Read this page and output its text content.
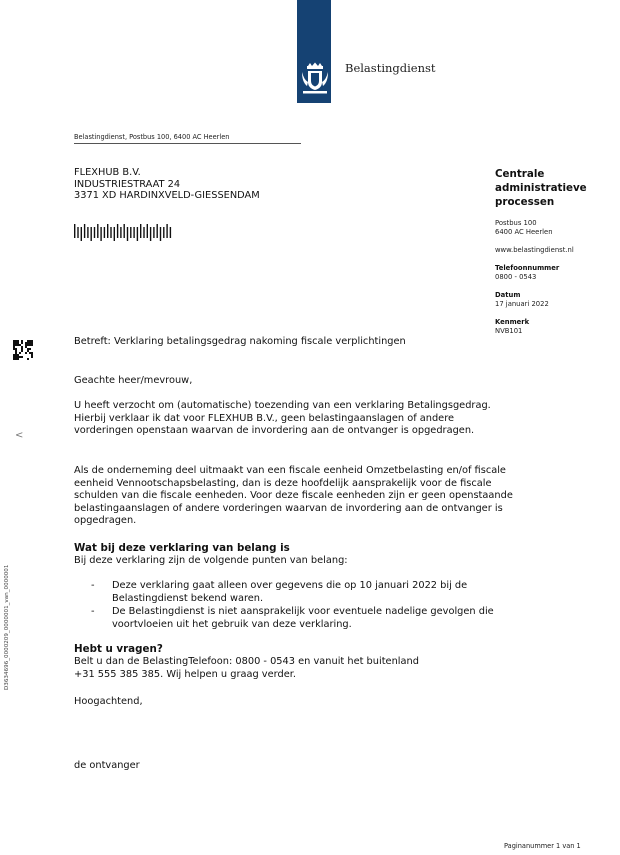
Belastingdienst
Belastingdienst, Postbus 100, 6400 AC Heerlen
FLEXHUB B.V.
INDUSTRIESTRAAT 24
3371 XD HARDINXVELD-GIESSENDAM
<
D3634696_0000209_0000001_van_0000001
Centrale
administratieve
processen
Postbus 100
6400 AC Heerlen
www.belastingdienst.nl
Telefoonnummer
0800 - 0543
Datum
17 januari 2022
Kenmerk
NVB101
Betreft: Verklaring betalingsgedrag nakoming fiscale verplichtingen
Geachte heer/mevrouw,

U heeft verzocht om (automatische) toezending van een verklaring Betalingsgedrag. Hierbij verklaar ik dat voor FLEXHUB B.V., geen belastingaanslagen of andere vorderingen openstaan waarvan de invordering aan de ontvanger is opgedragen.

Als de onderneming deel uitmaakt van een fiscale eenheid Omzetbelasting en/of fiscale eenheid Vennootschapsbelasting, dan is deze hoofdelijk aansprakelijk voor de fiscale schulden van die fiscale eenheden. Voor deze fiscale eenheden zijn er geen openstaande belastingaanslagen of andere vorderingen waarvan de invordering aan de ontvanger is opgedragen.

Wat bij deze verklaring van belang is
Bij deze verklaring zijn de volgende punten van belang:
- Deze verklaring gaat alleen over gegevens die op 10 januari 2022 bij de Belastingdienst bekend waren.
- De Belastingdienst is niet aansprakelijk voor eventuele nadelige gevolgen die voortvloeien uit het gebruik van deze verklaring.
Hebt u vragen?
Belt u dan de BelastingTelefoon: 0800 - 0543 en vanuit het buitenland
+31 555 385 385. Wij helpen u graag verder.
Hoogachtend,
de ontvanger
Paginanummer 1 van 1
